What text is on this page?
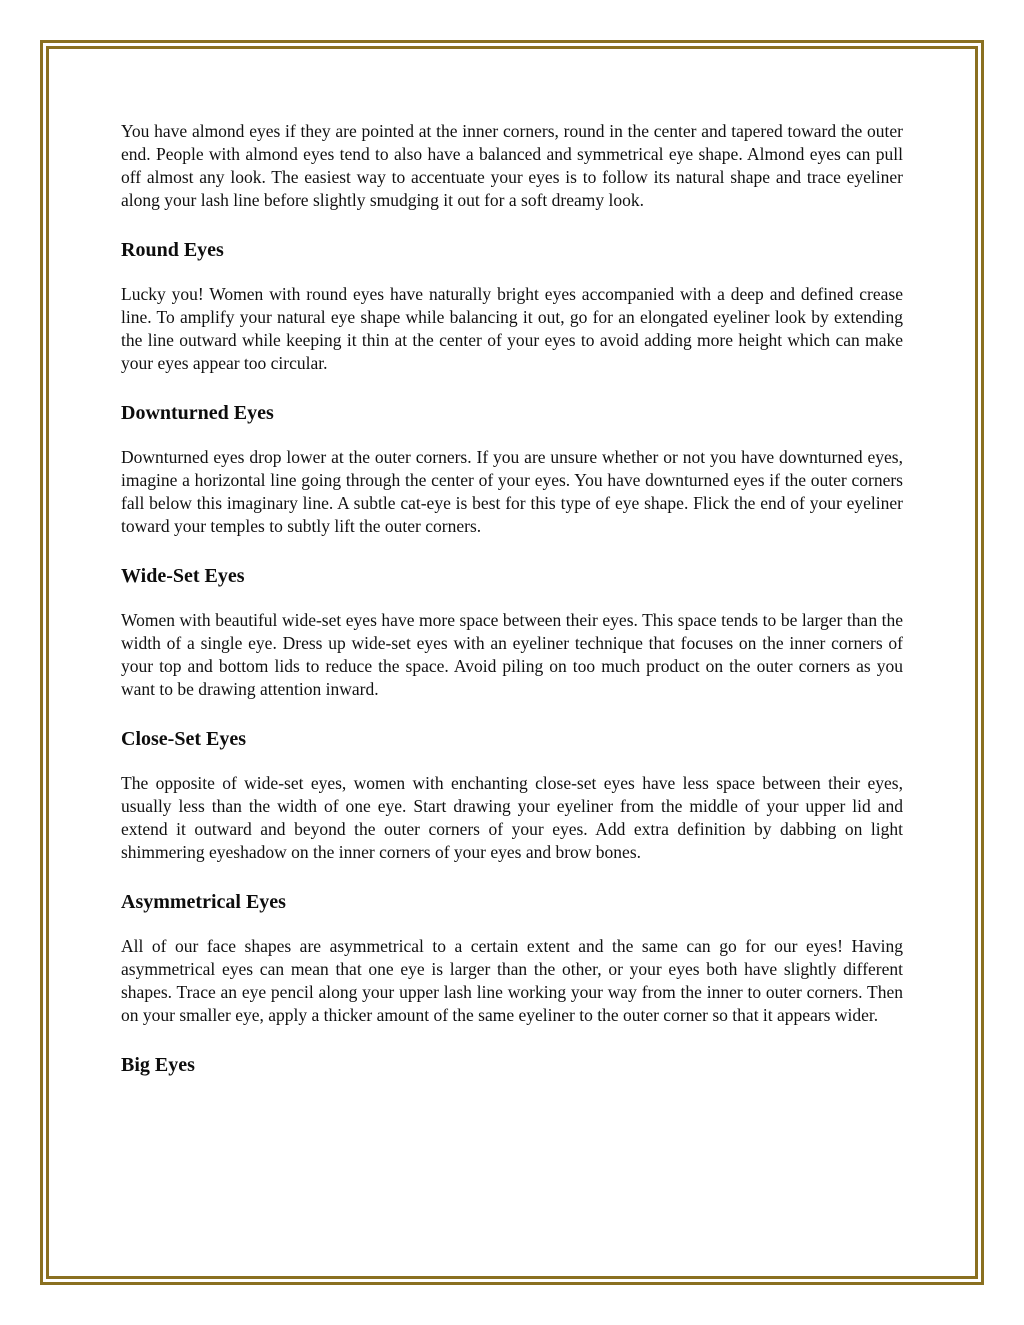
You have almond eyes if they are pointed at the inner corners, round in the center and tapered toward the outer end. People with almond eyes tend to also have a balanced and symmetrical eye shape. Almond eyes can pull off almost any look. The easiest way to accentuate your eyes is to follow its natural shape and trace eyeliner along your lash line before slightly smudging it out for a soft dreamy look.

Round Eyes

Lucky you! Women with round eyes have naturally bright eyes accompanied with a deep and defined crease line. To amplify your natural eye shape while balancing it out, go for an elongated eyeliner look by extending the line outward while keeping it thin at the center of your eyes to avoid adding more height which can make your eyes appear too circular.

Downturned Eyes

Downturned eyes drop lower at the outer corners. If you are unsure whether or not you have downturned eyes, imagine a horizontal line going through the center of your eyes. You have downturned eyes if the outer corners fall below this imaginary line. A subtle cat-eye is best for this type of eye shape. Flick the end of your eyeliner toward your temples to subtly lift the outer corners.

Wide-Set Eyes

Women with beautiful wide-set eyes have more space between their eyes. This space tends to be larger than the width of a single eye. Dress up wide-set eyes with an eyeliner technique that focuses on the inner corners of your top and bottom lids to reduce the space. Avoid piling on too much product on the outer corners as you want to be drawing attention inward.

Close-Set Eyes

The opposite of wide-set eyes, women with enchanting close-set eyes have less space between their eyes, usually less than the width of one eye. Start drawing your eyeliner from the middle of your upper lid and extend it outward and beyond the outer corners of your eyes. Add extra definition by dabbing on light shimmering eyeshadow on the inner corners of your eyes and brow bones.

Asymmetrical Eyes

All of our face shapes are asymmetrical to a certain extent and the same can go for our eyes! Having asymmetrical eyes can mean that one eye is larger than the other, or your eyes both have slightly different shapes. Trace an eye pencil along your upper lash line working your way from the inner to outer corners. Then on your smaller eye, apply a thicker amount of the same eyeliner to the outer corner so that it appears wider.

Big Eyes
